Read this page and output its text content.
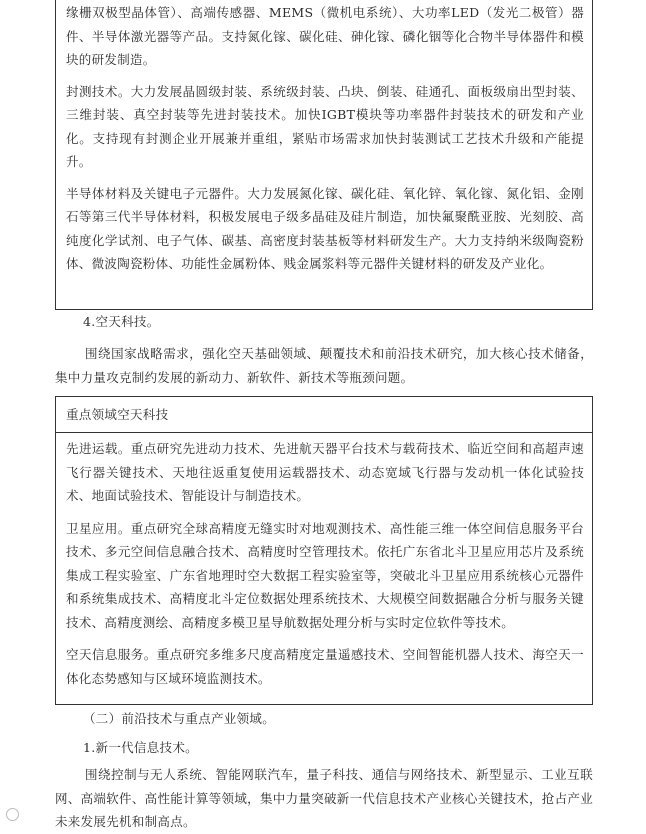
缘栅双极型晶体管）、高端传感器、MEMS（微机电系统）、大功率LED（发光二极管）器件、半导体激光器等产品。支持氮化镓、碳化硅、砷化镓、磷化铟等化合物半导体器件和模块的研发制造。

封测技术。大力发展晶圆级封装、系统级封装、凸块、倒装、硅通孔、面板级扇出型封装、三维封装、真空封装等先进封装技术。加快IGBT模块等功率器件封装技术的研发和产业化。支持现有封测企业开展兼并重组，紧贴市场需求加快封装测试工艺技术升级和产能提升。

半导体材料及关键电子元器件。大力发展氮化镓、碳化硅、氧化锌、氧化镓、氮化铝、金刚石等第三代半导体材料，积极发展电子级多晶硅及硅片制造，加快氟聚酰亚胺、光刻胶、高纯度化学试剂、电子气体、碳基、高密度封装基板等材料研发生产。大力支持纳米级陶瓷粉体、微波陶瓷粉体、功能性金属粉体、贱金属浆料等元器件关键材料的研发及产业化。

4.空天科技。

围绕国家战略需求，强化空天基础领域、颠覆技术和前沿技术研究，加大核心技术储备，集中力量攻克制约发展的新动力、新软件、新技术等瓶颈问题。

重点领域空天科技

先进运载。重点研究先进动力技术、先进航天器平台技术与载荷技术、临近空间和高超声速飞行器关键技术、天地往返重复使用运载器技术、动态宽域飞行器与发动机一体化试验技术、地面试验技术、智能设计与制造技术。

卫星应用。重点研究全球高精度无缝实时对地观测技术、高性能三维一体空间信息服务平台技术、多元空间信息融合技术、高精度时空管理技术。依托广东省北斗卫星应用芯片及系统集成工程实验室、广东省地理时空大数据工程实验室等，突破北斗卫星应用系统核心元器件和系统集成技术、高精度北斗定位数据处理系统技术、大规模空间数据融合分析与服务关键技术、高精度测绘、高精度多模卫星导航数据处理分析与实时定位软件等技术。

空天信息服务。重点研究多维多尺度高精度定量遥感技术、空间智能机器人技术、海空天一体化态势感知与区域环境监测技术。

（二）前沿技术与重点产业领域。

1.新一代信息技术。

围绕控制与无人系统、智能网联汽车，量子科技、通信与网络技术、新型显示、工业互联网、高端软件、高性能计算等领域，集中力量突破新一代信息技术产业核心关键技术，抢占产业未来发展先机和制高点。
